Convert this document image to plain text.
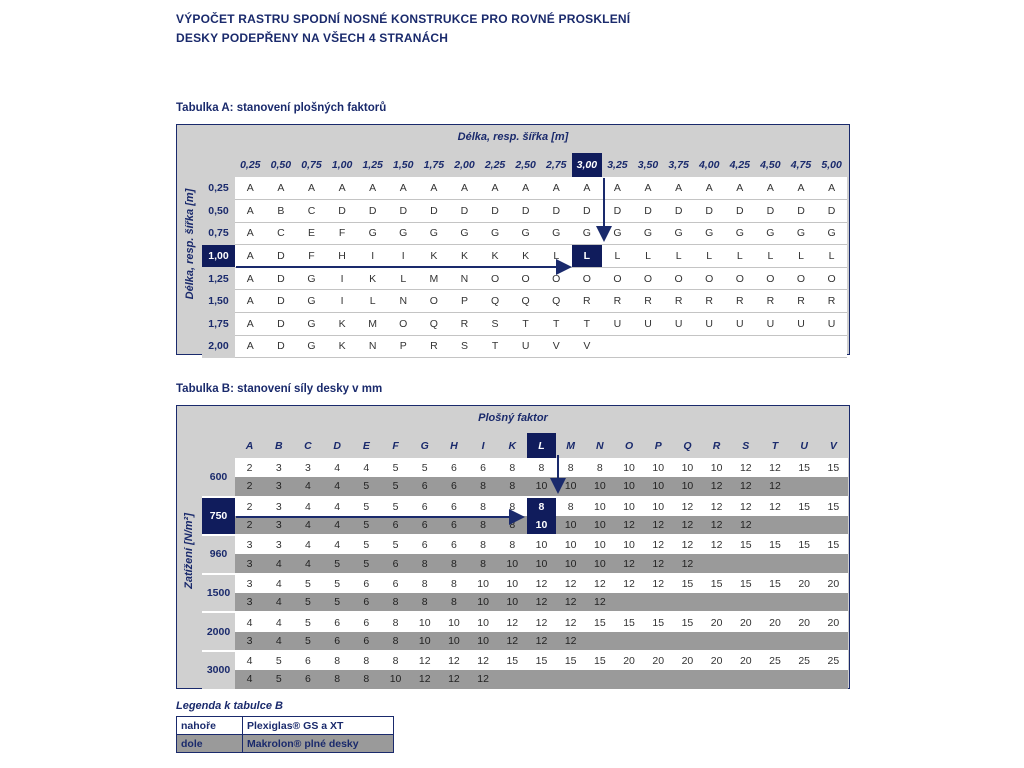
VÝPOČET RASTRU SPODNÍ NOSNÉ KONSTRUKCE PRO ROVNÉ PROSKLENÍ
DESKY PODEPŘENY NA VŠECH 4 STRANÁCH
Tabulka A: stanovení plošných faktorů
Délka, resp. šířka [m]
Délka, resp. šířka [m]
	0,25	0,50	0,75	1,00	1,25	1,50	1,75	2,00	2,25	2,50	2,75	3,00	3,25	3,50	3,75	4,00	4,25	4,50	4,75	5,00
0,25	A	A	A	A	A	A	A	A	A	A	A	A	A	A	A	A	A	A	A	A
0,50	A	B	C	D	D	D	D	D	D	D	D	D	D	D	D	D	D	D	D	D
0,75	A	C	E	F	G	G	G	G	G	G	G	G	G	G	G	G	G	G	G	G
1,00	A	D	F	H	I	I	K	K	K	K	L	L	L	L	L	L	L	L	L	L
1,25	A	D	G	I	K	L	M	N	O	O	O	O	O	O	O	O	O	O	O	O
1,50	A	D	G	I	L	N	O	P	Q	Q	Q	R	R	R	R	R	R	R	R	R
1,75	A	D	G	K	M	O	Q	R	S	T	T	T	U	U	U	U	U	U	U	U
2,00	A	D	G	K	N	P	R	S	T	U	V	V								
Tabulka B: stanovení síly desky v mm
Plošný faktor
Zatížení [N/m²]
	A	B	C	D	E	F	G	H	I	K	L	M	N	O	P	Q	R	S	T	U	V
600	2	3	3	4	4	5	5	6	6	8	8	8	8	10	10	10	10	12	12	15	15
	2	3	4	4	5	5	6	6	8	8	10	10	10	10	10	10	12	12	12		
750	2	3	4	4	5	5	6	6	8	8	8	8	10	10	10	12	12	12	12	15	15
	2	3	4	4	5	6	6	6	8	8	10	10	10	12	12	12	12	12			
960	3	3	4	4	5	5	6	6	8	8	10	10	10	10	12	12	12	15	15	15	15
	3	4	4	5	5	6	8	8	8	10	10	10	10	12	12	12					
1500	3	4	5	5	6	6	8	8	10	10	12	12	12	12	12	15	15	15	15	20	20
	3	4	5	5	6	8	8	8	10	10	12	12	12								
2000	4	4	5	6	6	8	10	10	10	12	12	12	15	15	15	15	20	20	20	20	20
	3	4	5	6	6	8	10	10	10	12	12	12									
3000	4	5	6	8	8	8	12	12	12	15	15	15	15	20	20	20	20	20	25	25	25
	4	5	6	8	8	10	12	12	12												
Legenda k tabulce B
nahoře	Plexiglas® GS a XT
dole	Makrolon® plné desky
